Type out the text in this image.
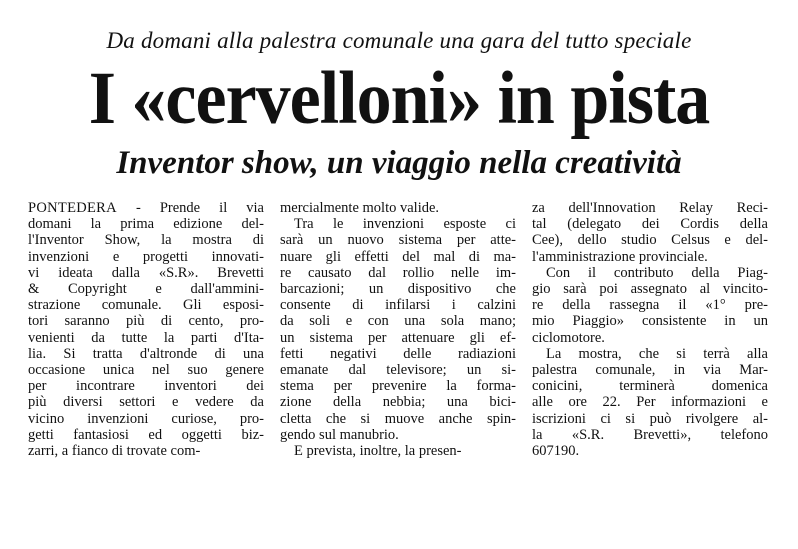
Da domani alla palestra comunale una gara del tutto speciale
I «cervelloni» in pista
Inventor show, un viaggio nella creatività

PONTEDERA - Prende il via
domani la prima edizione del-
l'Inventor Show, la mostra di
invenzioni e progetti innovati-
vi ideata dalla «S.R». Brevetti
& Copyright e dall'ammini-
strazione comunale. Gli esposi-
tori saranno più di cento, pro-
venienti da tutte la parti d'Ita-
lia. Si tratta d'altronde di una
occasione unica nel suo genere
per incontrare inventori dei
più diversi settori e vedere da
vicino invenzioni curiose, pro-
getti fantasiosi ed oggetti biz-
zarri, a fianco di trovate com-

mercialmente molto valide.

Tra le invenzioni esposte ci
sarà un nuovo sistema per atte-
nuare gli effetti del mal di ma-
re causato dal rollio nelle im-
barcazioni; un dispositivo che
consente di infilarsi i calzini
da soli e con una sola mano;
un sistema per attenuare gli ef-
fetti negativi delle radiazioni
emanate dal televisore; un si-
stema per prevenire la forma-
zione della nebbia; una bici-
cletta che si muove anche spin-
gendo sul manubrio.

E prevista, inoltre, la presen-

za dell'Innovation Relay Reci-
tal (delegato dei Cordis della
Cee), dello studio Celsus e del-
l'amministrazione provinciale.

Con il contributo della Piag-
gio sarà poi assegnato al vincito-
re della rassegna il «1° pre-
mio Piaggio» consistente in un
ciclomotore.

La mostra, che si terrà alla
palestra comunale, in via Mar-
conicini, terminerà domenica
alle ore 22. Per informazioni e
iscrizioni ci si può rivolgere al-
la «S.R. Brevetti», telefono
607190.
